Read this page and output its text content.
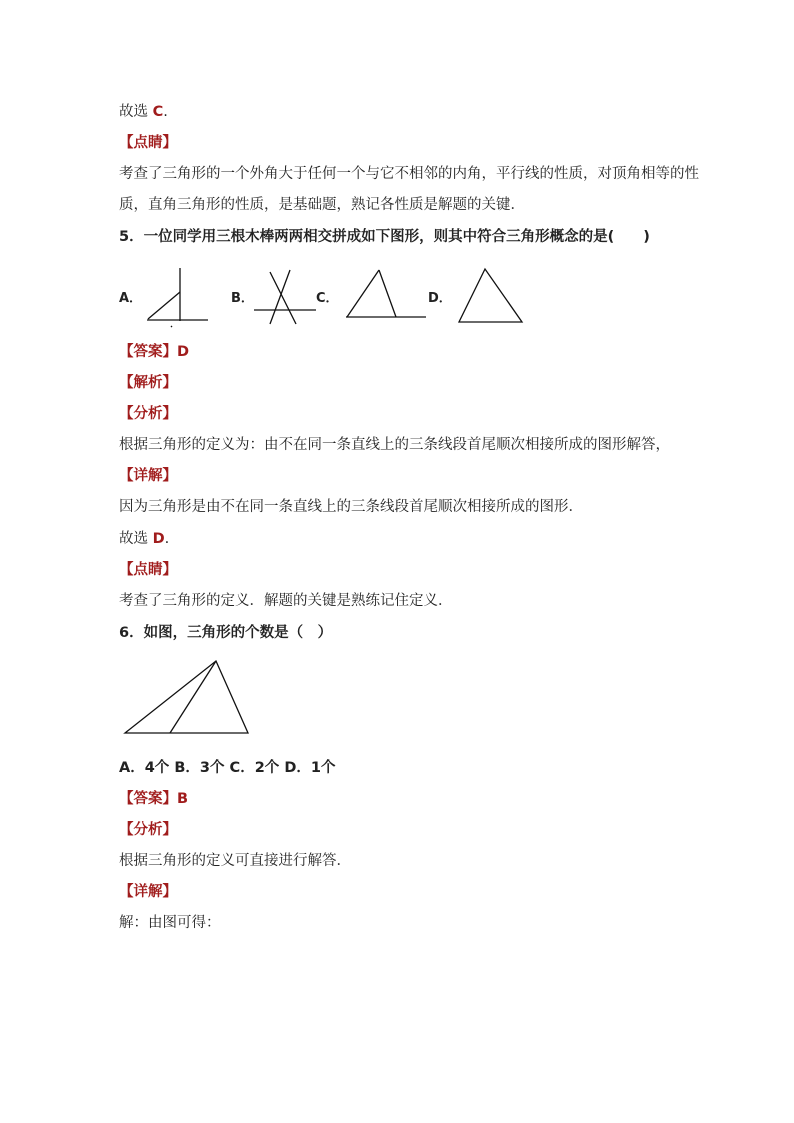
故选 C.
【点睛】
考查了三角形的一个外角大于任何一个与它不相邻的内角，平行线的性质，对顶角相等的性
质，直角三角形的性质，是基础题，熟记各性质是解题的关键．
5．一位同学用三根木棒两两相交拼成如下图形，则其中符合三角形概念的是(　　)
A．	B．	C．	D．
【答案】D
【解析】
【分析】
根据三角形的定义为：由不在同一条直线上的三条线段首尾顺次相接所成的图形解答，
【详解】
因为三角形是由不在同一条直线上的三条线段首尾顺次相接所成的图形．
故选 D.
【点睛】
考查了三角形的定义．解题的关键是熟练记住定义．
6．如图，三角形的个数是（　）
A．4个 B．3个 C．2个 D．1个
【答案】B
【分析】
根据三角形的定义可直接进行解答．
【详解】
解：由图可得：
